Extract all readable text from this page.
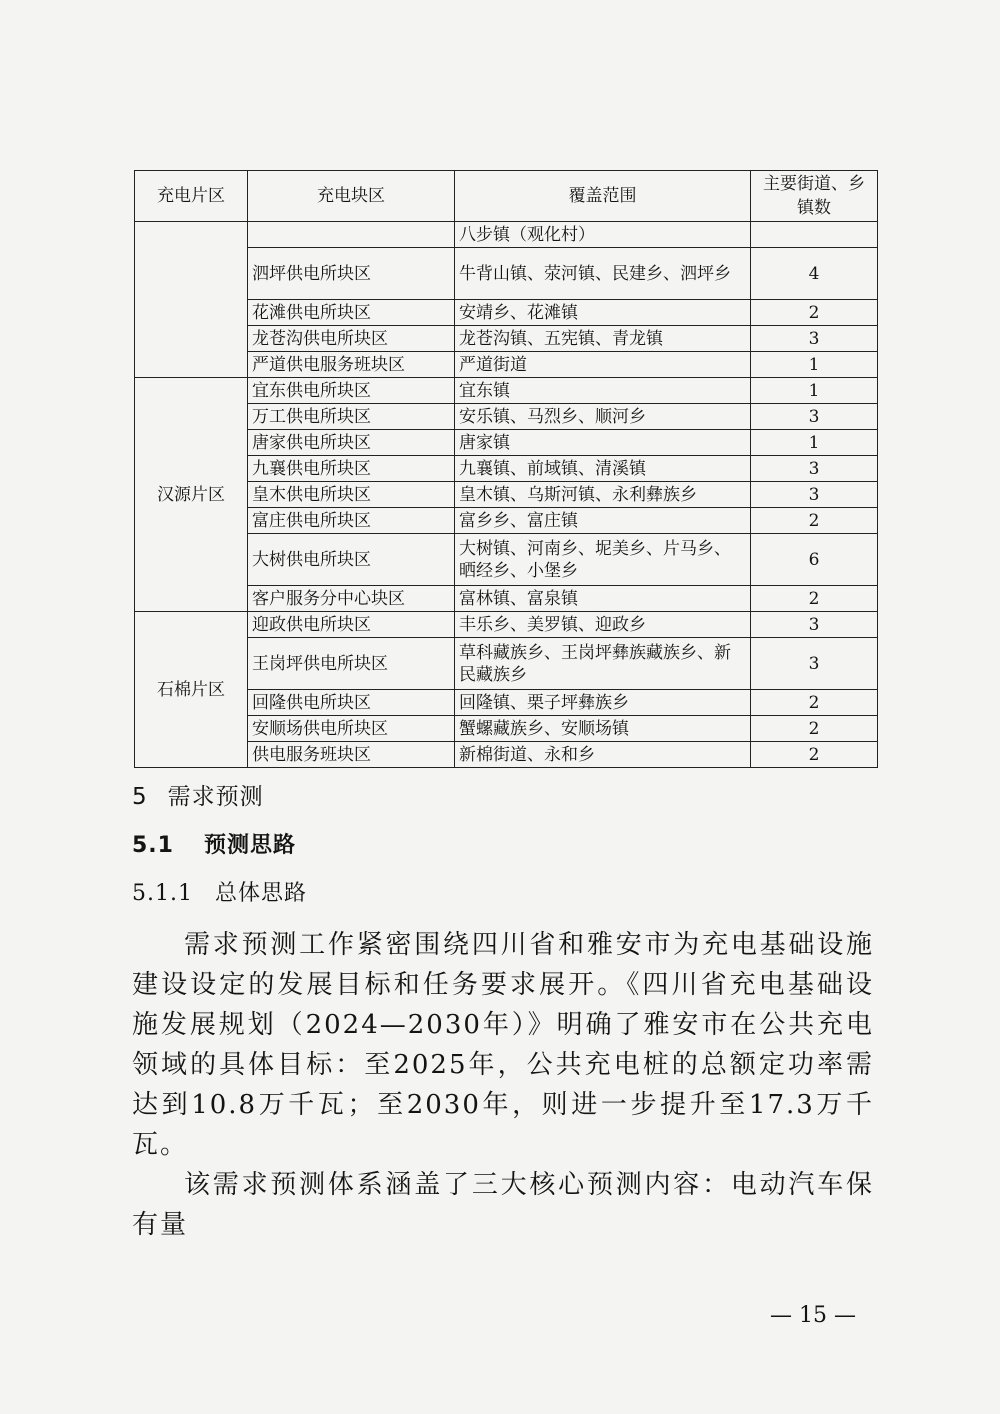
充电片区	充电块区	覆盖范围	主要街道、乡镇数
		八步镇（观化村）	
	泗坪供电所块区	牛背山镇、荥河镇、民建乡、泗坪乡	4
	花滩供电所块区	安靖乡、花滩镇	2
	龙苍沟供电所块区	龙苍沟镇、五宪镇、青龙镇	3
	严道供电服务班块区	严道街道	1
汉源片区	宜东供电所块区	宜东镇	1
	万工供电所块区	安乐镇、马烈乡、顺河乡	3
	唐家供电所块区	唐家镇	1
	九襄供电所块区	九襄镇、前域镇、清溪镇	3
	皇木供电所块区	皇木镇、乌斯河镇、永利彝族乡	3
	富庄供电所块区	富乡乡、富庄镇	2
	大树供电所块区	大树镇、河南乡、坭美乡、片马乡、晒经乡、小堡乡	6
	客户服务分中心块区	富林镇、富泉镇	2
石棉片区	迎政供电所块区	丰乐乡、美罗镇、迎政乡	3
	王岗坪供电所块区	草科藏族乡、王岗坪彝族藏族乡、新民藏族乡	3
	回隆供电所块区	回隆镇、栗子坪彝族乡	2
	安顺场供电所块区	蟹螺藏族乡、安顺场镇	2
	供电服务班块区	新棉街道、永和乡	2
5 需求预测
5.1 预测思路
5.1.1 总体思路

需求预测工作紧密围绕四川省和雅安市为充电基础设施建设设定的发展目标和任务要求展开。《四川省充电基础设施发展规划（2024—2030年）》明确了雅安市在公共充电领域的具体目标：至2025年，公共充电桩的总额定功率需达到10.8万千瓦；至2030年，则进一步提升至17.3万千瓦。

该需求预测体系涵盖了三大核心预测内容：电动汽车保有量

— 15 —
